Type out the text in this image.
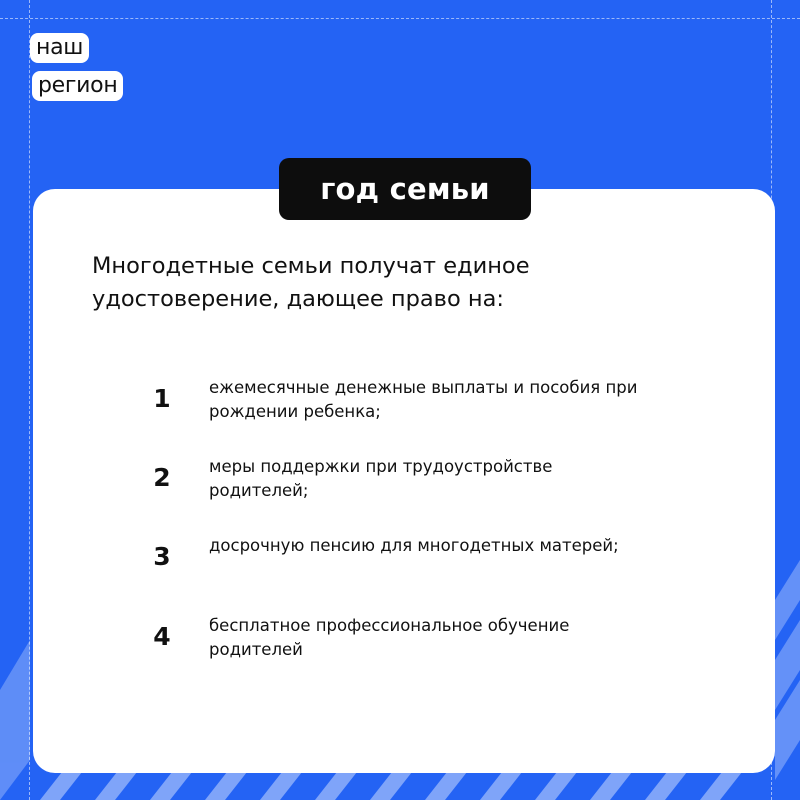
наш
регион
год семьи
Многодетные семьи получат единое удостоверение, дающее право на:
1	ежемесячные денежные выплаты и пособия при рождении ребенка;
2	меры поддержки при трудоустройстве родителей;
3	досрочную пенсию для многодетных матерей;
4	бесплатное профессиональное обучение родителей
